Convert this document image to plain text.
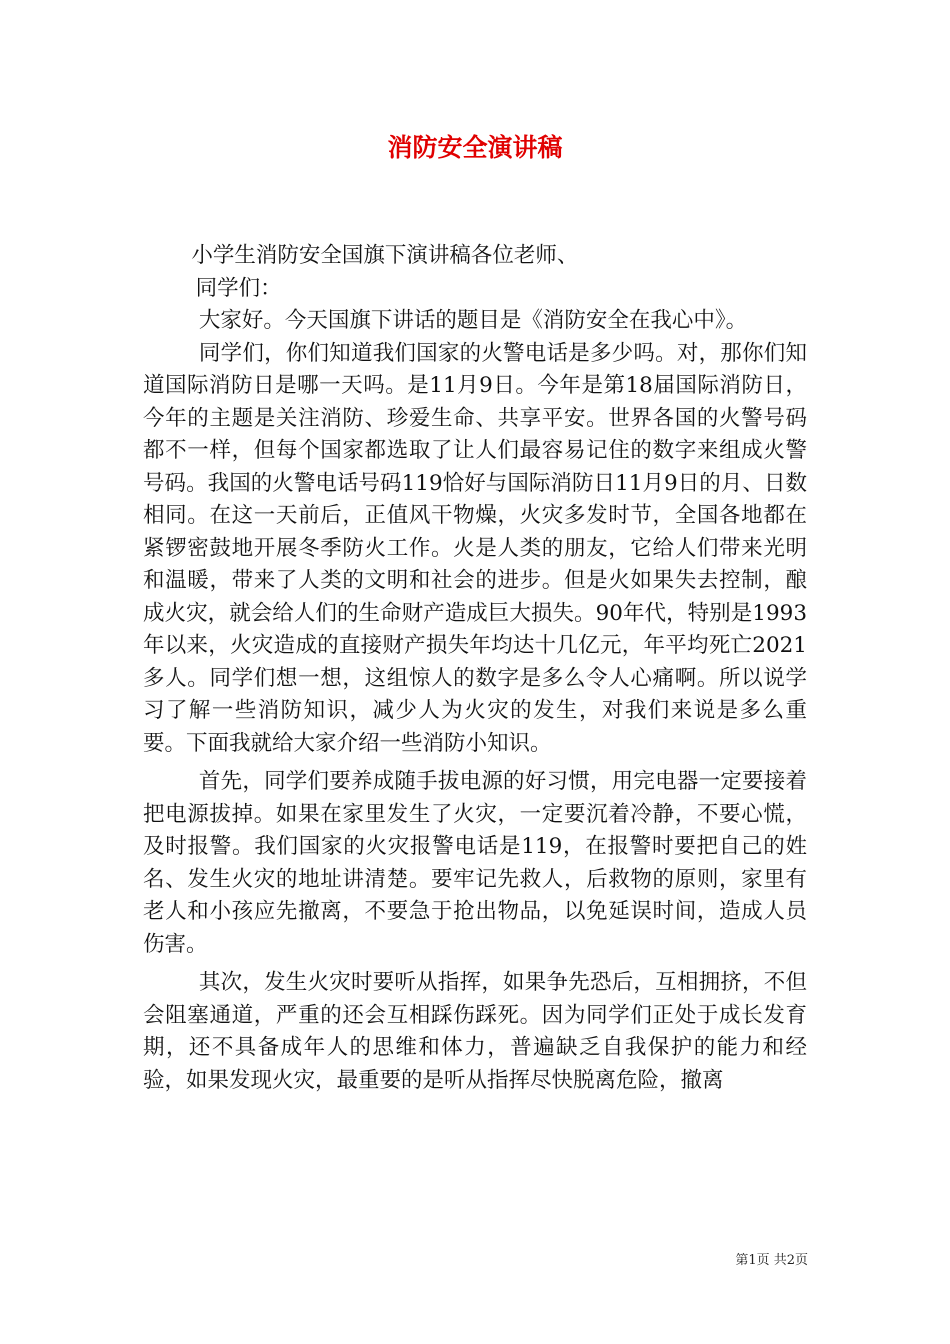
消防安全演讲稿

小学生消防安全国旗下演讲稿各位老师、

同学们：

大家好。今天国旗下讲话的题目是《消防安全在我心中》。

同学们，你们知道我们国家的火警电话是多少吗。对，那你们知道国际消防日是哪一天吗。是11月9日。今年是第18届国际消防日，今年的主题是关注消防、珍爱生命、共享平安。世界各国的火警号码都不一样，但每个国家都选取了让人们最容易记住的数字来组成火警号码。我国的火警电话号码119恰好与国际消防日11月9日的月、日数相同。在这一天前后，正值风干物燥，火灾多发时节，全国各地都在紧锣密鼓地开展冬季防火工作。火是人类的朋友，它给人们带来光明和温暖，带来了人类的文明和社会的进步。但是火如果失去控制，酿成火灾，就会给人们的生命财产造成巨大损失。90年代，特别是1993年以来，火灾造成的直接财产损失年均达十几亿元，年平均死亡2021多人。同学们想一想，这组惊人的数字是多么令人心痛啊。所以说学习了解一些消防知识，减少人为火灾的发生，对我们来说是多么重要。下面我就给大家介绍一些消防小知识。

首先，同学们要养成随手拔电源的好习惯，用完电器一定要接着把电源拔掉。如果在家里发生了火灾，一定要沉着冷静，不要心慌，及时报警。我们国家的火灾报警电话是119，在报警时要把自己的姓名、发生火灾的地址讲清楚。要牢记先救人，后救物的原则，家里有老人和小孩应先撤离，不要急于抢出物品，以免延误时间，造成人员伤害。

其次，发生火灾时要听从指挥，如果争先恐后，互相拥挤，不但会阻塞通道，严重的还会互相踩伤踩死。因为同学们正处于成长发育期，还不具备成年人的思维和体力，普遍缺乏自我保护的能力和经验，如果发现火灾，最重要的是听从指挥尽快脱离危险，撤离

第1页 共2页
